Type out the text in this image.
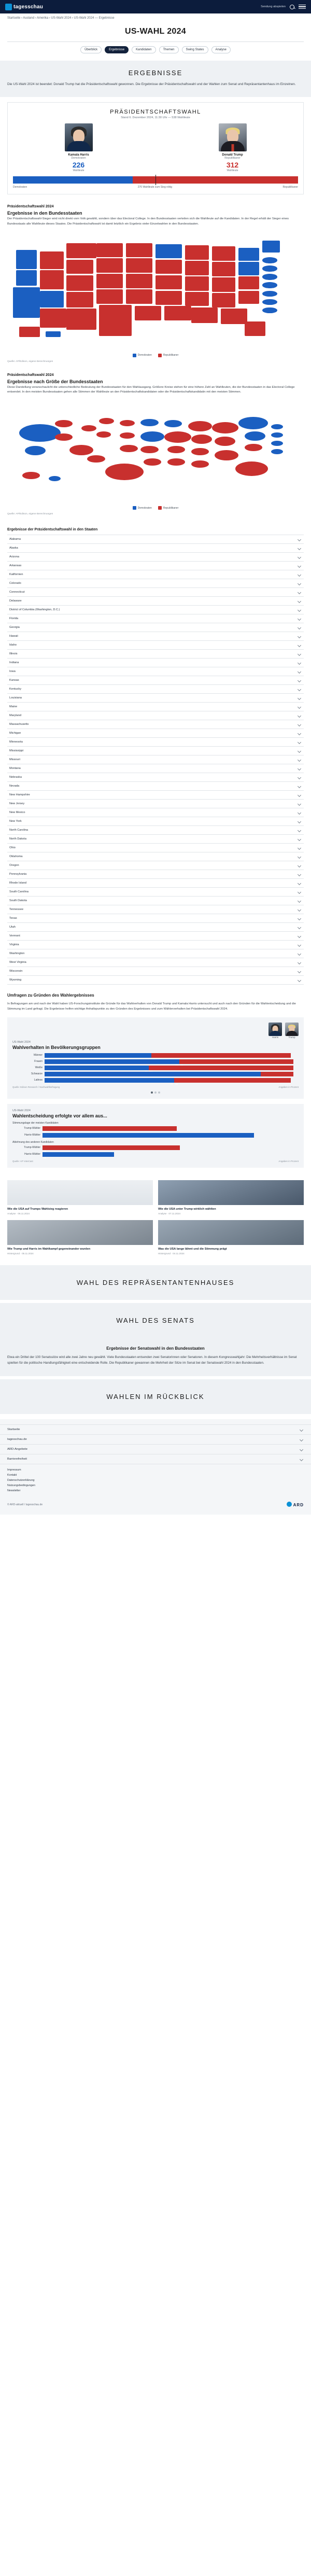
tagesschau	Sendung abspielen
Startseite › Ausland › Amerika › US-Wahl 2024 › US-Wahl 2024 — Ergebnisse
US-WAHL 2024
Überblick	Ergebnisse	Kandidaten	Themen	Swing States	Analyse
ERGEBNISSE

Die US-Wahl 2024 ist beendet: Donald Trump hat die Präsidentschaftswahl gewonnen. Die Ergebnisse der Präsidentschaftswahl und der Wahlen zum Senat und Repräsentantenhaus im Einzelnen.

PRÄSIDENTSCHAFTSWAHL
Stand 6. Dezember 2024, 11:30 Uhr — 538 Wahlleute
Kamala Harris
Demokraten
226
Wahlleute
Donald Trump
Republikaner
312
Wahlleute
Demokraten	270 Wahlleute zum Sieg nötig	Republikaner
Präsidentschaftswahl 2024
Ergebnisse in den Bundesstaaten
Der Präsidentschaftswahl-Sieger wird nicht direkt vom Volk gewählt, sondern über das Electoral College. In den Bundesstaaten verteilen sich die Wahlleute auf die Kandidaten. In der Regel erhält der Sieger eines Bundesstaats alle Wahlleute dieses Staates. Die Präsidentschaftswahl ist damit letztlich ein Ergebnis vieler Einzelwahlen in den Bundesstaaten.
Demokraten	Republikaner
Quelle: AP/Edison, eigene Berechnungen
Präsidentschaftswahl 2024
Ergebnisse nach Größe der Bundesstaaten
Diese Darstellung veranschaulicht die unterschiedliche Bedeutung der Bundesstaaten für den Wahlausgang. Größere Kreise stehen für eine höhere Zahl an Wahlleuten, die der Bundesstaaten in das Electoral College entsendet. In den meisten Bundesstaaten gehen alle Stimmen der Wahlleute an den Präsidentschaftskandidaten oder die Präsidentschaftskandidatin mit den meisten Stimmen.
Demokraten	Republikaner
Quelle: AP/Edison, eigene Berechnungen
Ergebnisse der Präsidentschaftswahl in den Staaten
Alabama
Alaska
Arizona
Arkansas
Kalifornien
Colorado
Connecticut
Delaware
District of Columbia (Washington, D.C.)
Florida
Georgia
Hawaii
Idaho
Illinois
Indiana
Iowa
Kansas
Kentucky
Louisiana
Maine
Maryland
Massachusetts
Michigan
Minnesota
Mississippi
Missouri
Montana
Nebraska
Nevada
New Hampshire
New Jersey
New Mexico
New York
North Carolina
North Dakota
Ohio
Oklahoma
Oregon
Pennsylvania
Rhode Island
South Carolina
South Dakota
Tennessee
Texas
Utah
Vermont
Virginia
Washington
West Virginia
Wisconsin
Wyoming
Umfragen zu Gründen des Wahlergebnisses
In Befragungen am und nach der Wahl haben US-Forschungsinstitute die Gründe für das Wahlverhalten von Donald Trump und Kamala Harris untersucht und auch nach den Gründen für die Wahlentscheidung und die Stimmung im Land gefragt. Die Ergebnisse helfen wichtige Anhaltspunkte zu den Gründen des Ergebnisses und zum Wählerverhalten bei Präsidentschaftswahl 2024.
Harris	Trump
US-Wahl 2024
Wahlverhalten in Bevölkerungsgruppen
Männer
Frauen
Weiße
Schwarze
Latinos
51 46
Quelle: Edison Research / Nachwahlbefragung	Angaben in Prozent
US-Wahl 2024
Wahlentscheidung erfolgte vor allem aus...
Stimmungslage der meisten Kandidaten
Trump-Wähler
Harris-Wähler
74
Ablehnung des anderen Kandidaten
Trump-Wähler
Harris-Wähler
25
Quelle: AP VoteCast	Angaben in Prozent
Wie die USA auf Trumps Wahlsieg reagieren
Analyse · 06.11.2024
Wie die USA unter Trump wirklich wählten
Analyse · 07.11.2024
Wie Trump und Harris im Wahlkampf gegeneinander wurden
Hintergrund · 05.11.2024
Was die USA lange lähmt und die Stimmung prägt
Hintergrund · 04.11.2024
WAHL DES REPRÄSENTANTENHAUSES
WAHL DES SENATS
Ergebnisse der Senatswahl in den Bundesstaaten

Etwa ein Drittel der 100 Senatssitze wird alle zwei Jahre neu gewählt. Viele Bundesstaaten entsenden zwei Senatorinnen oder Senatoren. In diesem Kongresswahljahr: Die Mehrheitsverhältnisse im Senat spielten für die politische Handlungsfähigkeit eine entscheidende Rolle. Die Republikaner gewannen die Mehrheit der Sitze im Senat bei der Senatswahl 2024 in den Bundesstaaten.

WAHLEN IM RÜCKBLICK
Startseite
tagesschau.de
ARD-Angebote
Barrierefreiheit
Impressum
Kontakt
Datenschutzerklärung
Nutzungsbedingungen
Newsletter
© ARD-aktuell / tagesschau.de	ARD
